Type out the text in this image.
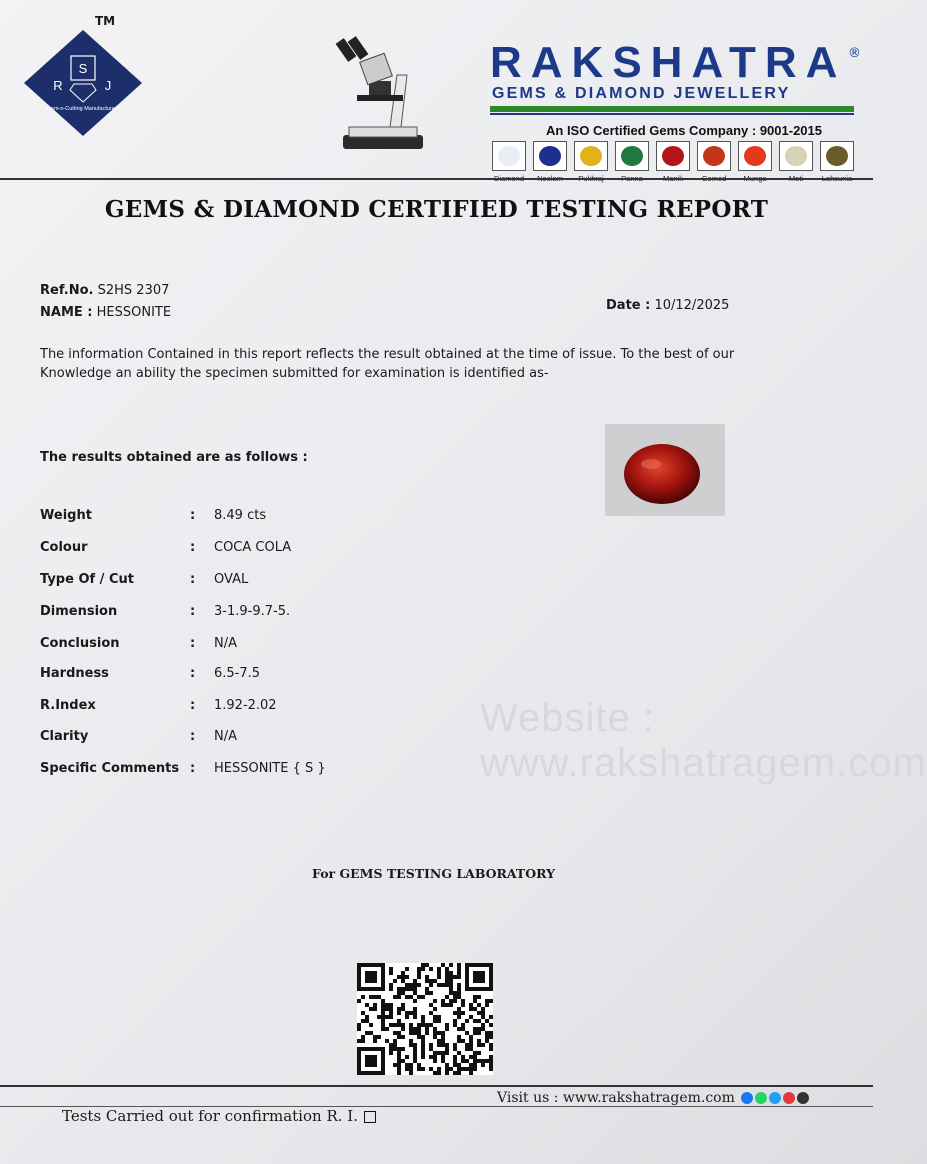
S
R	J
Gem-n-Cutting Manufacturers
TM
RAKSHATRA ®
GEMS & DIAMOND JEWELLERY
An ISO Certified Gems Company : 9001-2015
GEMS & DIAMOND CERTIFIED TESTING REPORT
Ref.No. S2HS 2307
NAME : HESSONITE	Date : 10/12/2025
The information Contained in this report reflects the result obtained at the time of issue. To the best of our Knowledge an ability the specimen submitted for examination is identified as-
Website : www.rakshatragem.com
The results obtained are as follows :
Weight	: 8.49 cts
Colour	: COCA COLA
Type Of / Cut	: OVAL
Dimension	: 3-1.9-9.7-5.
Conclusion	: N/A
Hardness	: 6.5-7.5
R.Index	: 1.92-2.02
Clarity	: N/A
Specific Comments : HESSONITE { S }
For GEMS TESTING LABORATORY
Visit us : www.rakshatragem.com
Tests Carried out for confirmation R. I.
